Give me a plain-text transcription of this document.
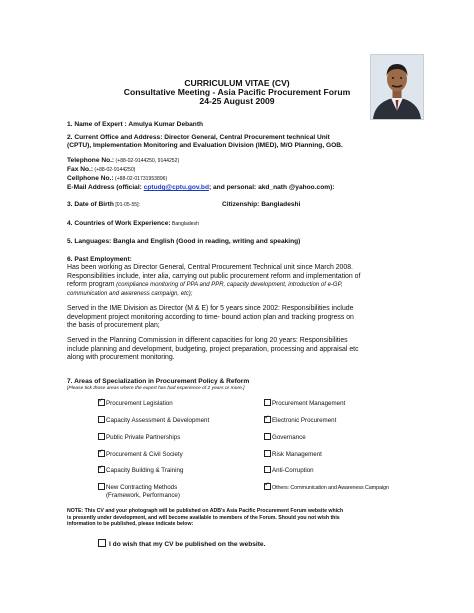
CURRICULUM VITAE (CV)
Consultative Meeting - Asia Pacific Procurement Forum
24-25 August 2009
1. Name of Expert : Amulya Kumar Debanth
2. Current Office and Address: Director General, Central Procurement technical Unit
(CPTU), Implementation Monitoring and Evaluation Division (IMED), M/O Planning, GOB.
Telephone No.: (+88-02-9144250, 9144252)
Fax No.: (+88-02-9144250)
Cellphone No.: (+88-02-01731953896)
E-Mail Address (official: cptudg@cptu.gov.bd; and personal: akd_nath @yahoo.com):
3. Date of Birth [01-05-55]:	Citizenship: Bangladeshi
4. Countries of Work Experience: Bangladesh
5. Languages: Bangla and English (Good in reading, writing and speaking)
6. Past Employment:
Has been working as Director General, Central Procurement Technical unit since March 2008.
Responsibilities include, inter alia, carrying out public procurement reform and implementation of
reform program (compliance monitoring of PPA and PPR, capacity development, introduction of e-GP,
communication and awareness campaign, etc);
Served in the IME Division as Director (M & E) for 5 years since 2002: Responsibilities include
development project monitoring according to time- bound action plan and tracking progress on
the basis of procurement plan;
Served in the Planning Commission in different capacities for long 20 years: Responsibilities
include planning and development, budgeting, project preparation, processing and appraisal etc
along with procurement monitoring.
7. Areas of Specialization in Procurement Policy & Reform
[Please tick those areas where the expert has had experience of 2 years or more.]
✓Procurement Legislation	Procurement Management
Capacity Assessment & Development
✓	Electronic Procurement
Public Private Partnerships	Governance
✓Procurement & Civil Society	Risk Management
✓Capacity Building & Training	Anti-Corruption
New Contracting Methods
(Framework, Performance)
✓Others: Communication and Awareness Campaign
NOTE: This CV and your photograph will be published on ADB's Asia Pacific Procurement Forum website which
is presently under development, and will become available to members of the Forum. Should you not wish this
information to be published, please indicate below:
I do wish that my CV be published on the website.
